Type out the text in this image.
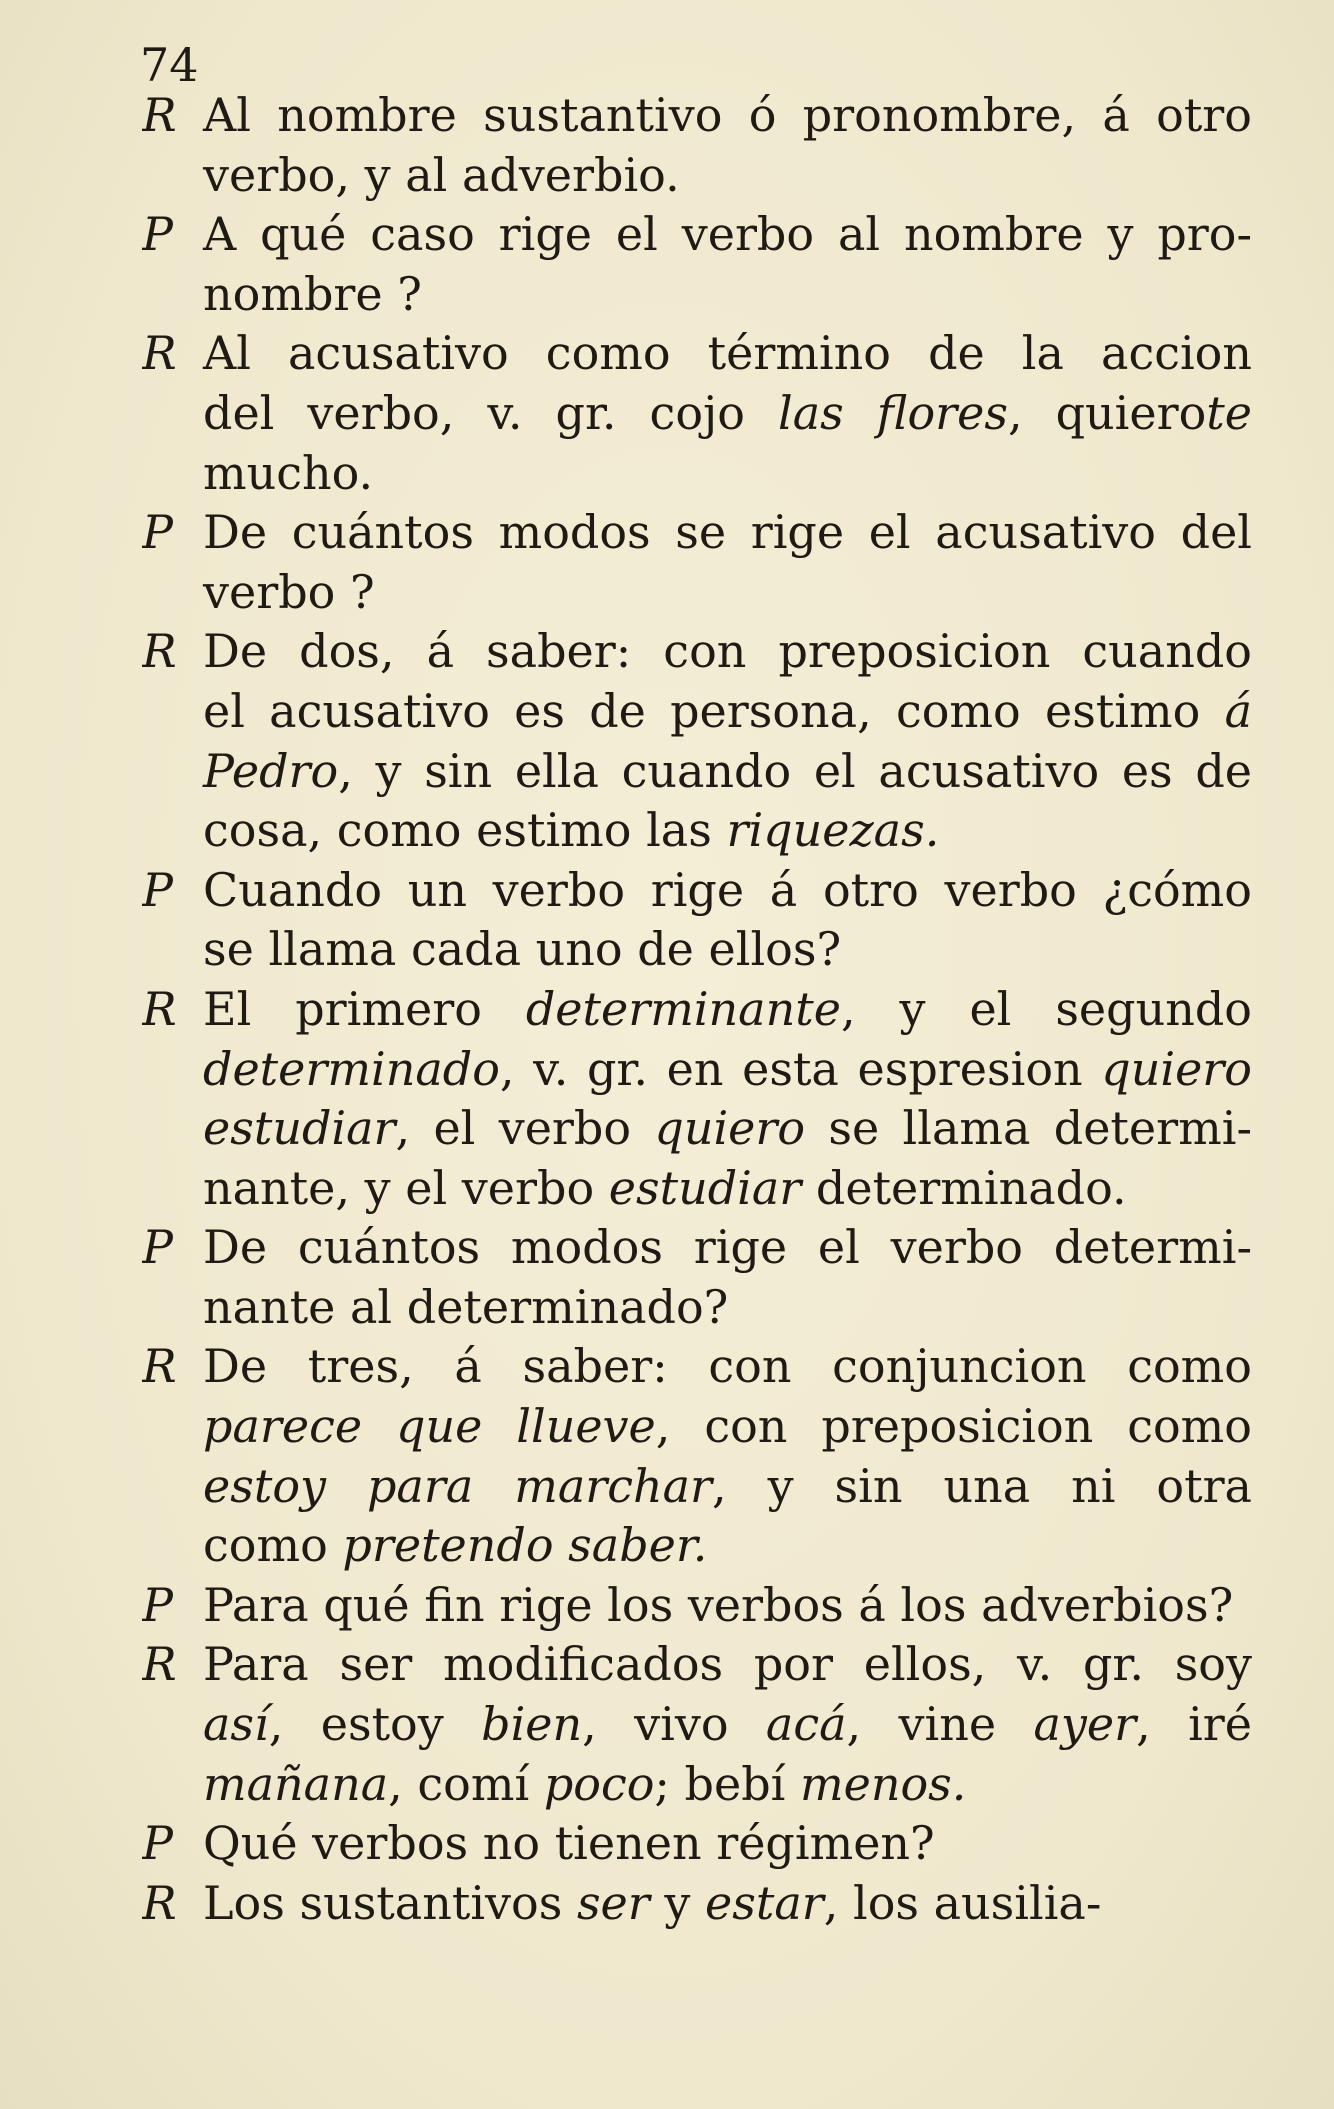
74
R Al nombre sustantivo ó pronombre, á otro
verbo, y al adverbio.
P A qué caso rige el verbo al nombre y pro-
nombre ?
R Al acusativo como término de la accion
del verbo, v. gr. cojo las flores, quierote
mucho.
P De cuántos modos se rige el acusativo del
verbo ?
R De dos, á saber: con preposicion cuando
el acusativo es de persona, como estimo á
Pedro, y sin ella cuando el acusativo es de
cosa, como estimo las riquezas.
P Cuando un verbo rige á otro verbo ¿cómo
se llama cada uno de ellos?
R El primero determinante, y el segundo
determinado, v. gr. en esta espresion quiero
estudiar, el verbo quiero se llama determi-
nante, y el verbo estudiar determinado.
P De cuántos modos rige el verbo determi-
nante al determinado?
R De tres, á saber: con conjuncion como
parece que llueve, con preposicion como
estoy para marchar, y sin una ni otra
como pretendo saber.
P Para qué fin rige los verbos á los adverbios?
R Para ser modificados por ellos, v. gr. soy
así, estoy bien, vivo acá, vine ayer, iré
mañana, comí poco; bebí menos.
P Qué verbos no tienen régimen?
R Los sustantivos ser y estar, los ausilia-
